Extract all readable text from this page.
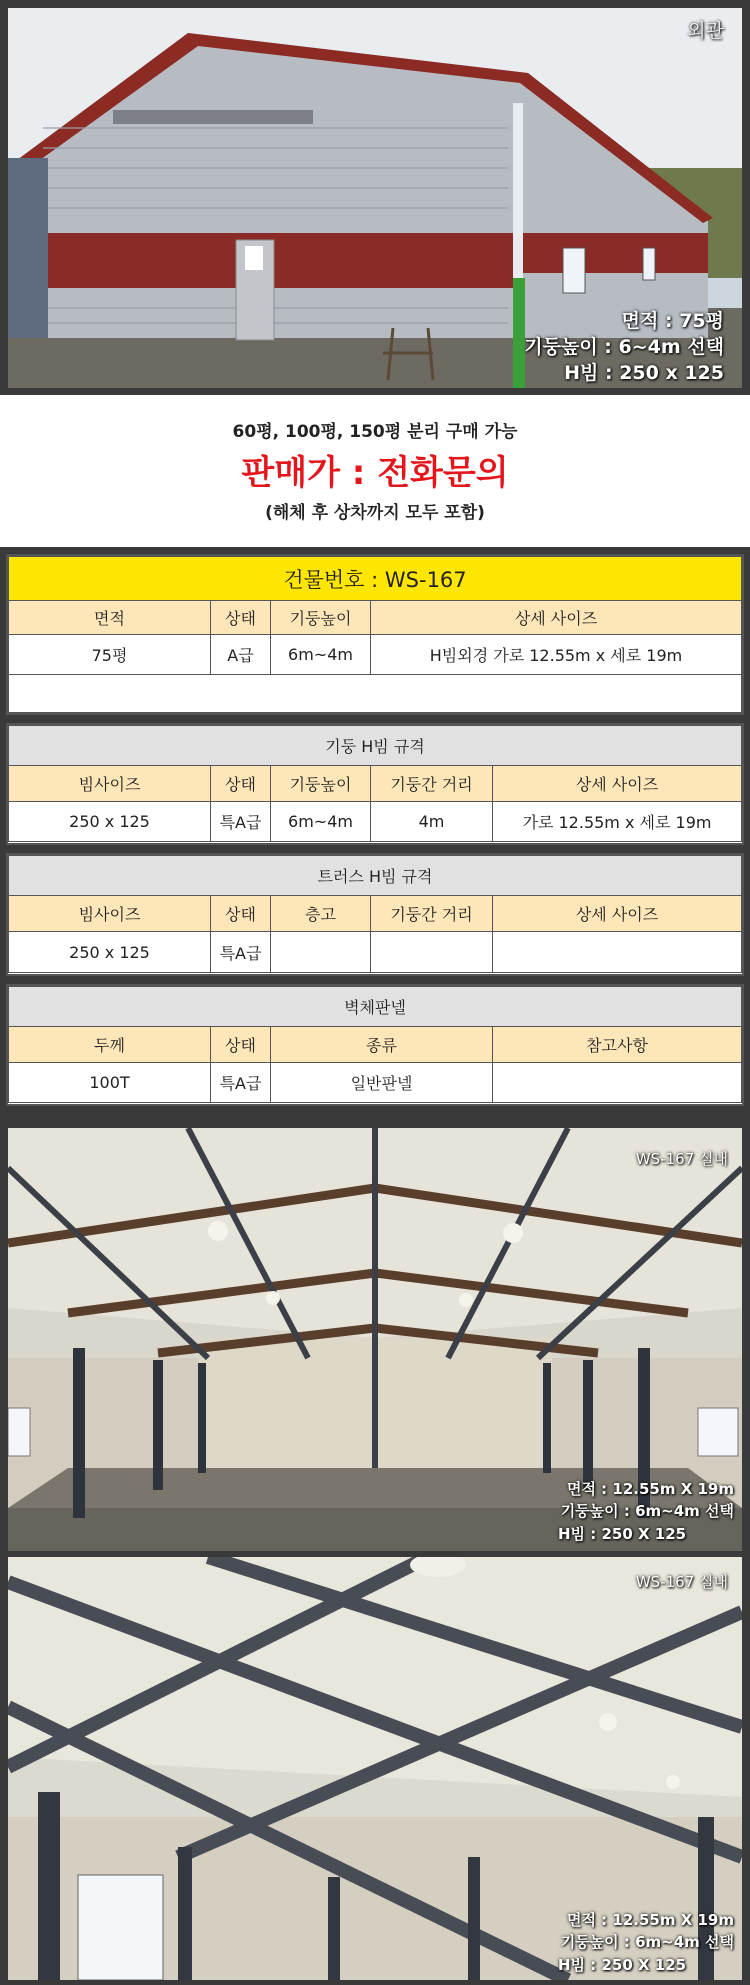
외관
면적 : 75평
기둥높이 : 6~4m 선택
H빔 : 250 x 125
60평, 100평, 150평 분리 구매 가능
판매가 : 전화문의
(해체 후 상차까지 모두 포함)
건물번호 : WS-167			
면적	상태	기둥높이	상세 사이즈
75평	A급	6m~4m	H빔외경 가로 12.55m x 세로 19m

기둥 H빔 규격				
빔사이즈	상태	기둥높이	기둥간 거리	상세 사이즈
250 x 125	특A급	6m~4m	4m	가로 12.55m x 세로 19m
트러스 H빔 규격				
빔사이즈	상태	층고	기둥간 거리	상세 사이즈
250 x 125	특A급			
벽체판넬			
두께	상태	종류	참고사항
100T	특A급	일반판넬	
WS-167 실내
면적 : 12.55m X 19m
기둥높이 : 6m~4m 선택
H빔 : 250 X 125
WS-167 실내
면적 : 12.55m X 19m
기둥높이 : 6m~4m 선택
H빔 : 250 X 125
